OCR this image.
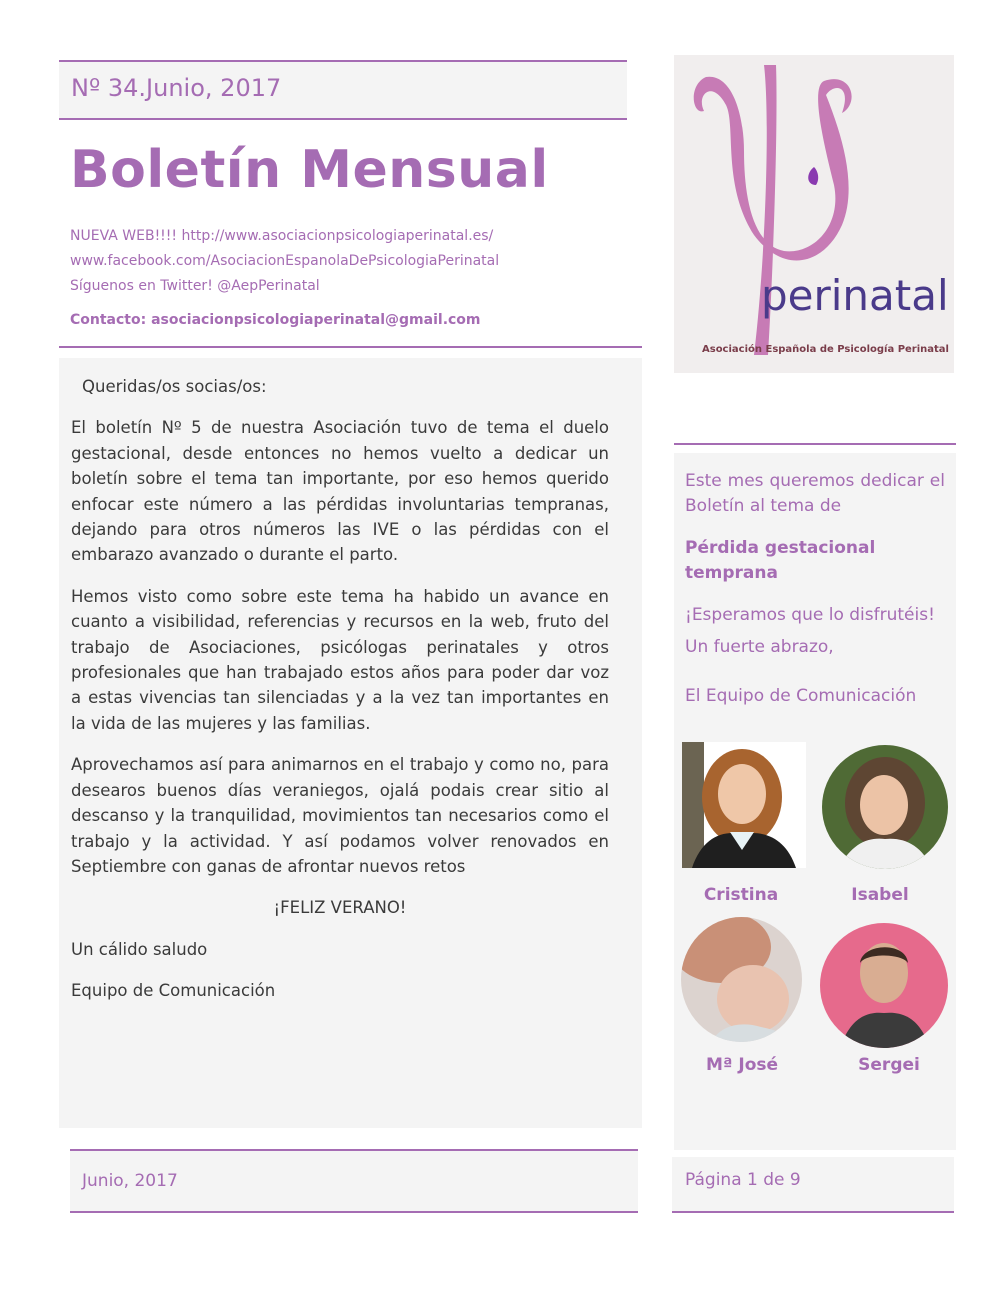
Nº 34.Junio, 2017
Boletín Mensual
NUEVA WEB!!!! http://www.asociacionpsicologiaperinatal.es/
www.facebook.com/AsociacionEspanolaDePsicologiaPerinatal
Síguenos en Twitter! @AepPerinatal
Contacto: asociacionpsicologiaperinatal@gmail.com	perinatal
Asociación Española de Psicología Perinatal
Queridas/os socias/os:

El boletín Nº 5 de nuestra Asociación tuvo de tema el duelo gestacional, desde entonces no hemos vuelto a dedicar un boletín sobre el tema tan importante, por eso hemos querido enfocar este número a las pérdidas involuntarias tempranas, dejando para otros números las IVE o las pérdidas con el embarazo avanzado o durante el parto.

Hemos visto como sobre este tema ha habido un avance en cuanto a visibilidad, referencias y recursos en la web, fruto del trabajo de Asociaciones, psicólogas perinatales y otros profesionales que han trabajado estos años para poder dar voz a estas vivencias tan silenciadas y a la vez tan importantes en la vida de las mujeres y las familias.

Aprovechamos así para animarnos en el trabajo y como no, para desearos buenos días veraniegos, ojalá podais crear sitio al descanso y la tranquilidad, movimientos tan necesarios como el trabajo y la actividad. Y así podamos volver renovados en Septiembre con ganas de afrontar nuevos retos

¡FELIZ VERANO!
Un cálido saludo
Equipo de Comunicación
Este mes queremos dedicar el Boletín al tema de
Pérdida gestacional temprana
¡Esperamos que lo disfrutéis!
Un fuerte abrazo,
El Equipo de Comunicación
Cristina	Isabel
Mª José	Sergei
Junio, 2017	Página 1 de 9
